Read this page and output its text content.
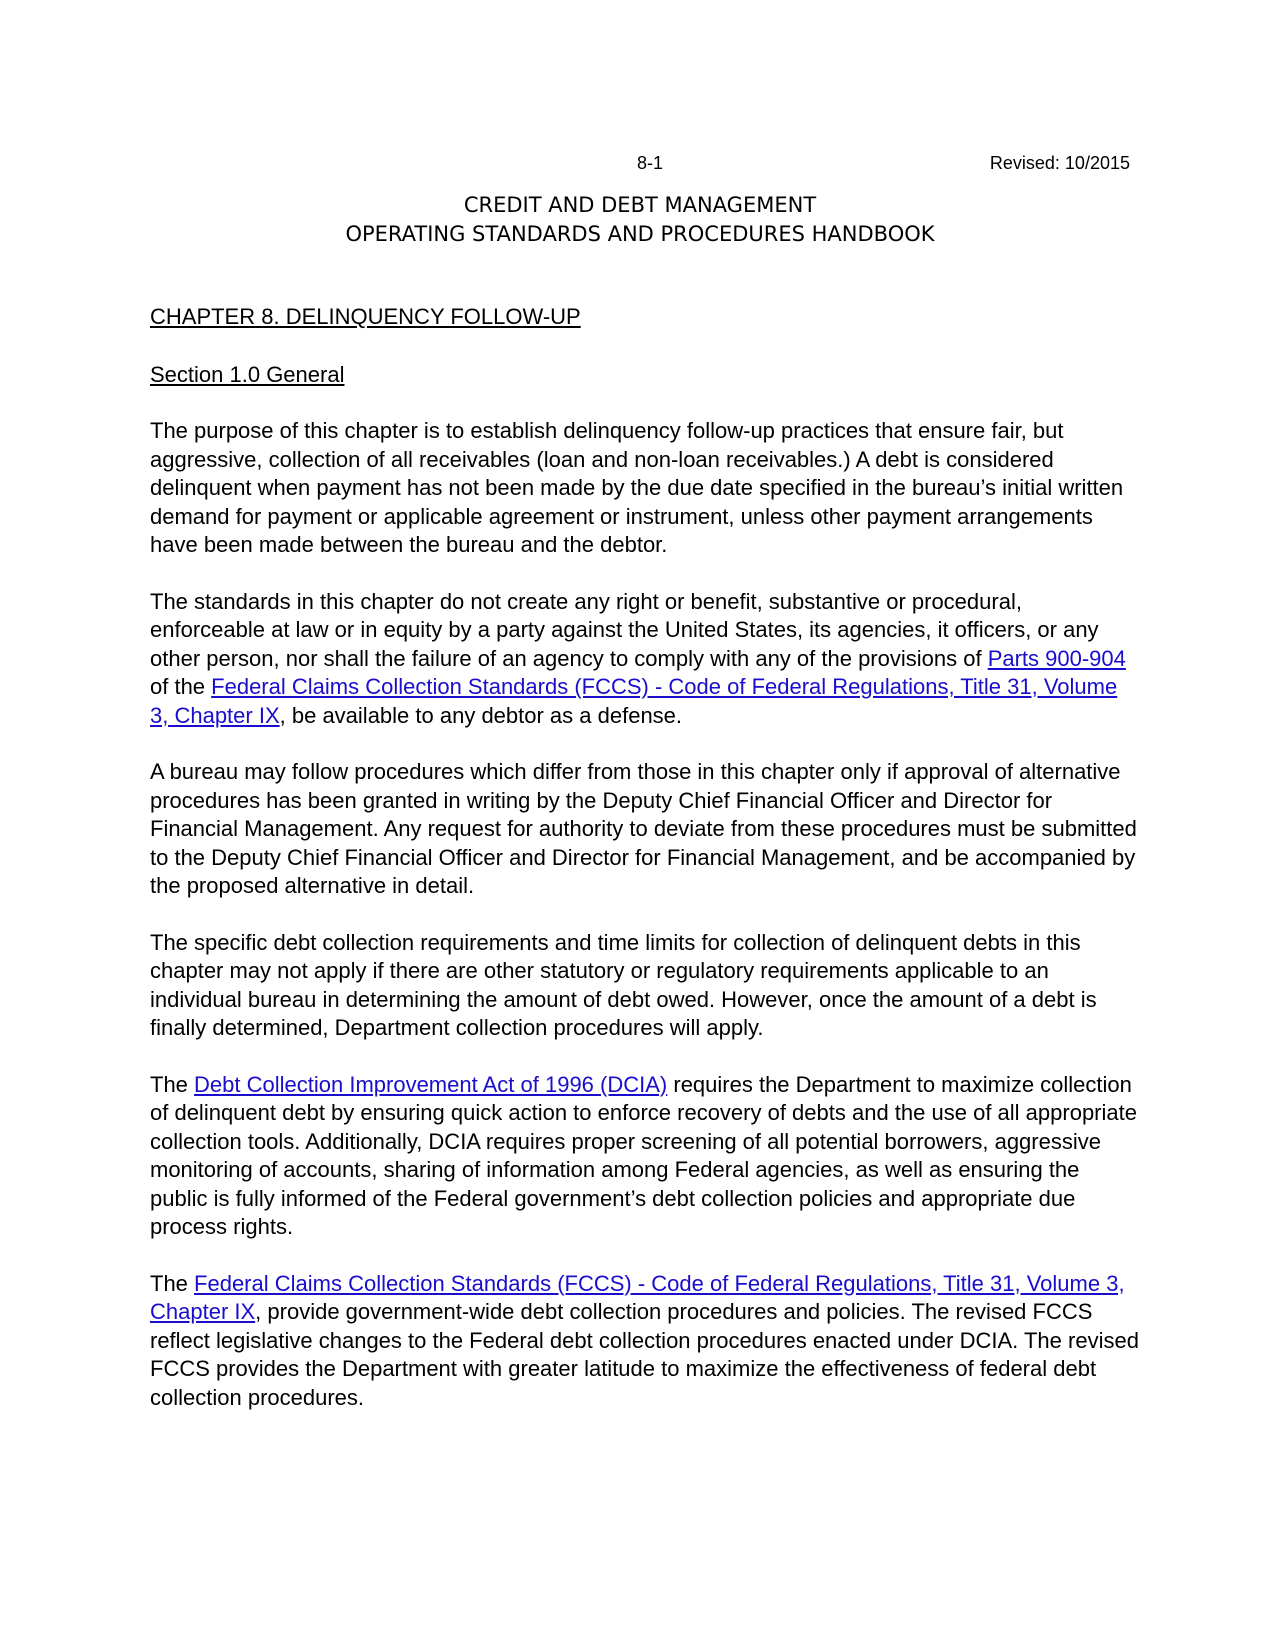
8-1	Revised: 10/2015
CREDIT AND DEBT MANAGEMENT
OPERATING STANDARDS AND PROCEDURES HANDBOOK
CHAPTER 8. DELINQUENCY FOLLOW-UP
Section 1.0 General

The purpose of this chapter is to establish delinquency follow-up practices that ensure fair, but aggressive, collection of all receivables (loan and non-loan receivables.) A debt is considered delinquent when payment has not been made by the due date specified in the bureau’s initial written demand for payment or applicable agreement or instrument, unless other payment arrangements have been made between the bureau and the debtor.

The standards in this chapter do not create any right or benefit, substantive or procedural, enforceable at law or in equity by a party against the United States, its agencies, it officers, or any other person, nor shall the failure of an agency to comply with any of the provisions of Parts 900-904 of the Federal Claims Collection Standards (FCCS) - Code of Federal Regulations, Title 31, Volume 3, Chapter IX, be available to any debtor as a defense.

A bureau may follow procedures which differ from those in this chapter only if approval of alternative procedures has been granted in writing by the Deputy Chief Financial Officer and Director for Financial Management. Any request for authority to deviate from these procedures must be submitted to the Deputy Chief Financial Officer and Director for Financial Management, and be accompanied by the proposed alternative in detail.

The specific debt collection requirements and time limits for collection of delinquent debts in this chapter may not apply if there are other statutory or regulatory requirements applicable to an individual bureau in determining the amount of debt owed. However, once the amount of a debt is finally determined, Department collection procedures will apply.

The Debt Collection Improvement Act of 1996 (DCIA) requires the Department to maximize collection of delinquent debt by ensuring quick action to enforce recovery of debts and the use of all appropriate collection tools. Additionally, DCIA requires proper screening of all potential borrowers, aggressive monitoring of accounts, sharing of information among Federal agencies, as well as ensuring the public is fully informed of the Federal government’s debt collection policies and appropriate due process rights.

The Federal Claims Collection Standards (FCCS) - Code of Federal Regulations, Title 31, Volume 3, Chapter IX, provide government-wide debt collection procedures and policies. The revised FCCS reflect legislative changes to the Federal debt collection procedures enacted under DCIA. The revised FCCS provides the Department with greater latitude to maximize the effectiveness of federal debt collection procedures.
